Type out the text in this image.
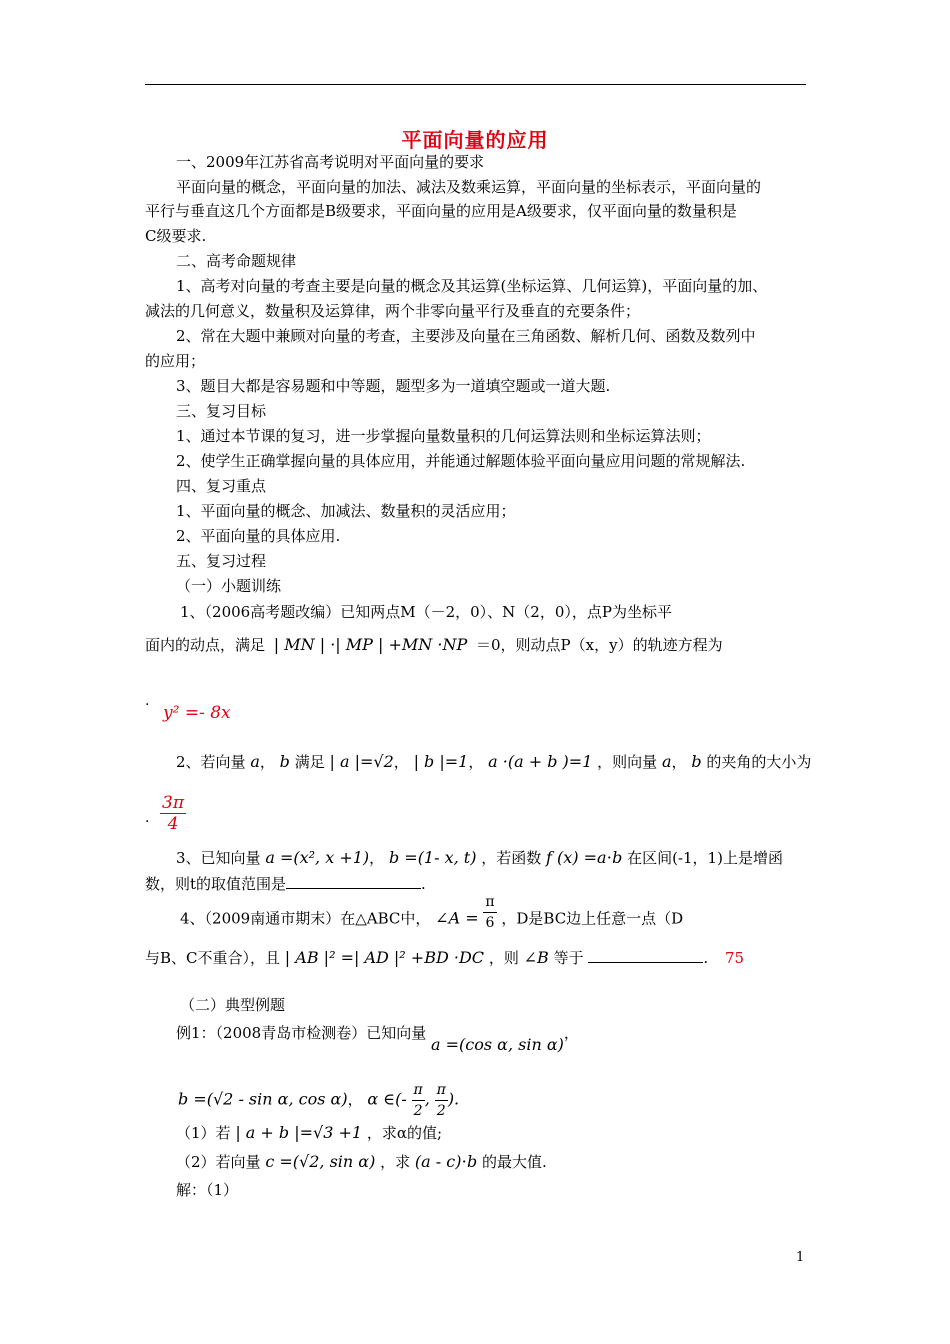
平面向量的应用
一、2009年江苏省高考说明对平面向量的要求
平面向量的概念，平面向量的加法、减法及数乘运算，平面向量的坐标表示，平面向量的
平行与垂直这几个方面都是B级要求，平面向量的应用是A级要求，仅平面向量的数量积是
C级要求.
二、高考命题规律
1、高考对向量的考查主要是向量的概念及其运算(坐标运算、几何运算)，平面向量的加、
减法的几何意义，数量积及运算律，两个非零向量平行及垂直的充要条件；
2、常在大题中兼顾对向量的考查，主要涉及向量在三角函数、解析几何、函数及数列中
的应用；
3、题目大都是容易题和中等题，题型多为一道填空题或一道大题.
三、复习目标
1、通过本节课的复习，进一步掌握向量数量积的几何运算法则和坐标运算法则；
2、使学生正确掌握向量的具体应用，并能通过解题体验平面向量应用问题的常规解法.
四、复习重点
1、平面向量的概念、加减法、数量积的灵活应用；
2、平面向量的具体应用.
五、复习过程
（一）小题训练
1、（2006高考题改编）已知两点M（－2，0）、N（2，0），点P为坐标平
面内的动点，满足 | MN | ·| MP | +MN ·NP ＝0，则动点P（x，y）的轨迹方程为
· y² =- 8x
2、若向量 a， b 满足 | a |=√2， | b |=1， a ·(a + b )=1 ，则向量 a， b 的夹角的大小为
· $\frac{3\pi}{4}$
3、已知向量 a =(x², x +1)， b =(1- x, t) ，若函数 f (x) =a⋅b 在区间(-1，1)上是增函
数，则t的取值范围是	.
4、（2009南通市期末）在△ABC中， ∠A = $\frac{\pi}{6}$ ，D是BC边上任意一点（D
与B、C不重合），且 | AB |² =| AD |² +BD ·DC ，则 ∠B 等于	. 75
（二）典型例题
例1：（2008青岛市检测卷）已知向量 a =(cos α, sin α)，
b =(√2 - sin α, cos α)， α ∈(- $\frac{\pi}{2}$ , $\frac{\pi}{2}$ ).
（1）若 | a + b |=√3 +1 ，求α的值;
（2）若向量 c =(√2, sin α) ，求 (a - c)⋅b 的最大值.
解：（1）
1
